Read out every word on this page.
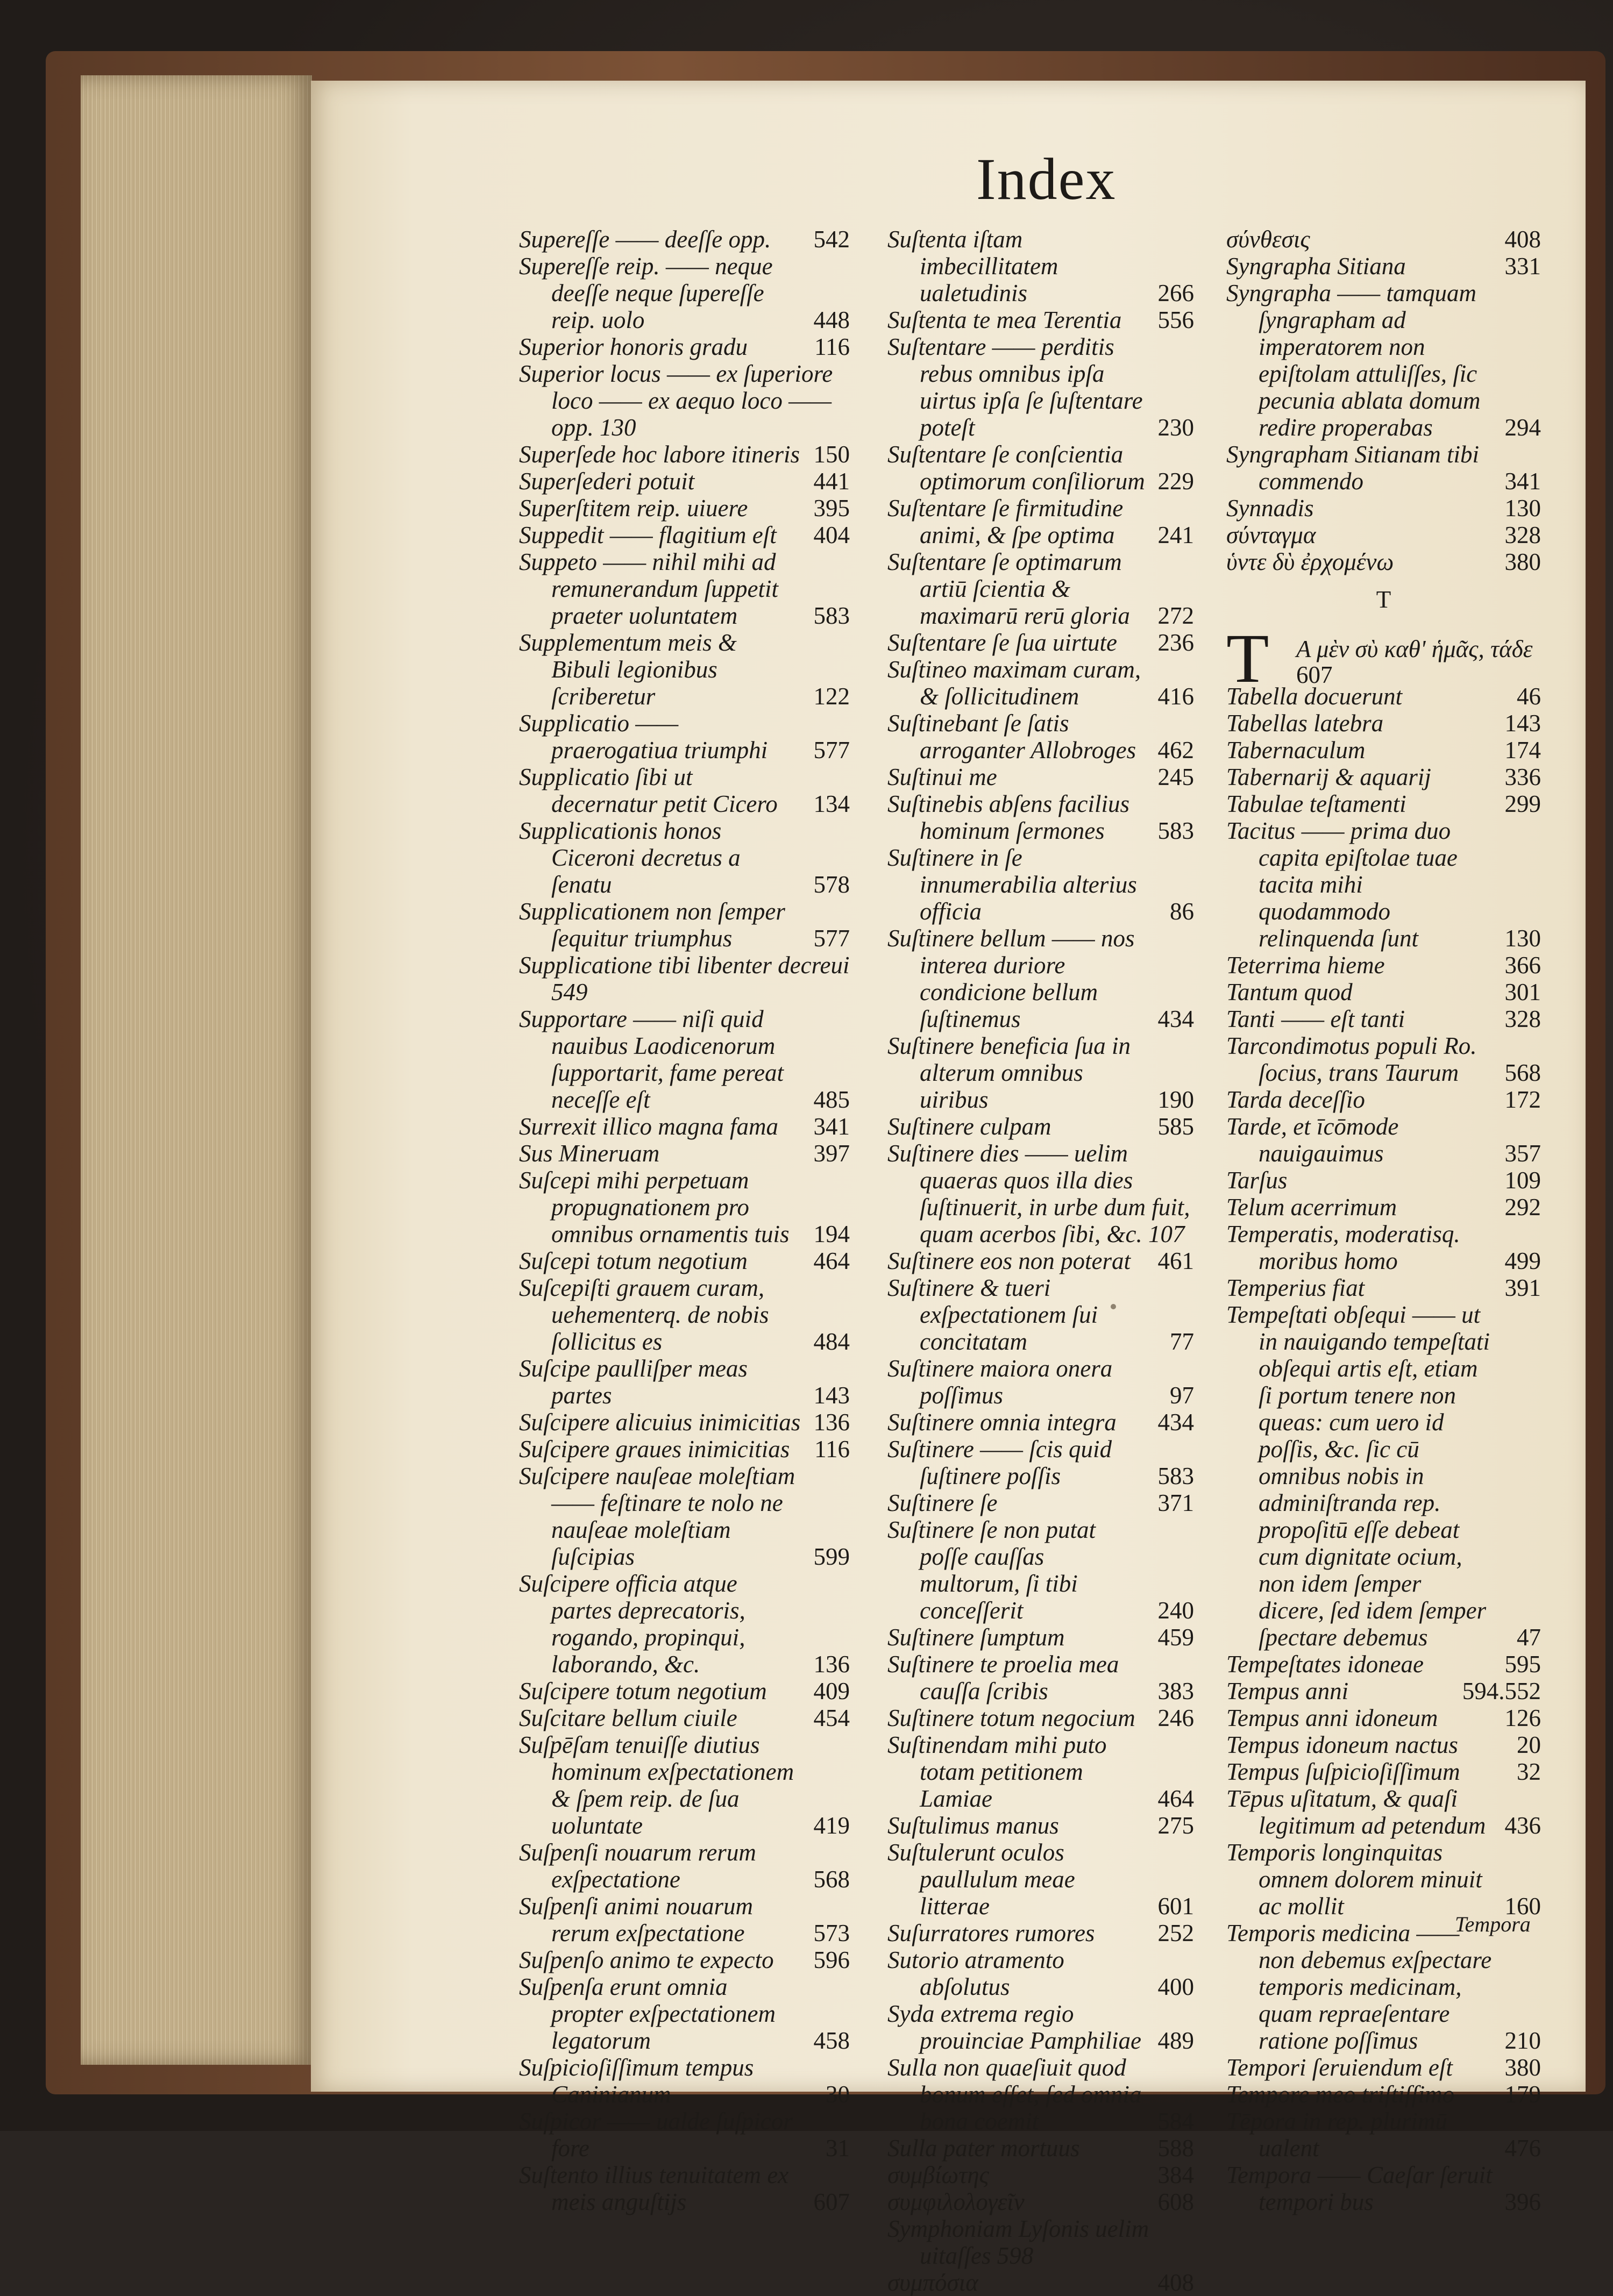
Index
Supereſſe —— deeſſe opp.	542
Supereſſe reip. —— neque deeſſe neque ſupereſſe reip. uolo	448
Superior honoris gradu	116
Superior locus —— ex ſuperiore loco —— ex aequo loco —— opp. 130
Superſede hoc labore itineris 150
Superſederi potuit	441
Superſtitem reip. uiuere	395
Suppedit —— flagitium eſt	404
Suppeto —— nihil mihi ad remunerandum ſuppetit praeter uoluntatem	583
Supplementum meis & Bibuli legionibus ſcriberetur	122
Supplicatio —— praerogatiua triumphi	577
Supplicatio ſibi ut decernatur petit Cicero	134
Supplicationis honos Ciceroni decretus a ſenatu	578
Supplicationem non ſemper ſequitur triumphus	577
Supplicatione tibi libenter decreui 549
Supportare —— niſi quid nauibus Laodicenorum ſupportarit, fame pereat neceſſe eſt	485
Surrexit illico magna fama	341
Sus Mineruam	397
Suſcepi mihi perpetuam propugnationem pro omnibus ornamentis tuis 194
Suſcepi totum negotium	464
Suſcepiſti grauem curam, uehementerq. de nobis ſollicitus es	484
Suſcipe paulliſper meas partes	143
Suſcipere alicuius inimicitias 136
Suſcipere graues inimicitias	116
Suſcipere nauſeae moleſtiam —— feſtinare te nolo ne nauſeae moleſtiam ſuſcipias	599
Suſcipere officia atque partes deprecatoris, rogando, propinqui, laborando, &c.	136
Suſcipere totum negotium	409
Suſcitare bellum ciuile	454
Suſpēſam tenuiſſe diutius hominum exſpectationem & ſpem reip. de ſua uoluntate	419
Suſpenſi nouarum rerum exſpectatione	568
Suſpenſi animi nouarum rerum exſpectatione	573
Suſpenſo animo te expecto	596
Suſpenſa erunt omnia propter exſpectationem legatorum	458
Suſpicioſiſſimum tempus Caninianum	30
Suſpicor —— ualde ſuſpicor fore	31
Suſtento illius tenuitatem ex meis anguſtijs	607
Suſtenta iſtam imbecillitatem ualetudinis	266
Suſtenta te mea Terentia	556
Suſtentare —— perditis rebus omnibus ipſa uirtus ipſa ſe ſuſtentare poteſt	230
Suſtentare ſe conſcientia optimorum conſiliorum 229
Suſtentare ſe firmitudine animi, & ſpe optima	241
Suſtentare ſe optimarum artiū ſcientia & maximarū rerū gloria	272
Suſtentare ſe ſua uirtute	236
Suſtineo maximam curam, & ſollicitudinem	416
Suſtinebant ſe ſatis arroganter Allobroges 462
Suſtinui me	245
Suſtinebis abſens facilius hominum ſermones	583
Suſtinere in ſe innumerabilia alterius officia	86
Suſtinere bellum —— nos interea duriore condicione bellum ſuſtinemus	434
Suſtinere beneficia ſua in alterum omnibus uiribus	190
Suſtinere culpam	585
Suſtinere dies —— uelim quaeras quos illa dies ſuſtinuerit, in urbe dum fuit, quam acerbos ſibi, &c. 107
Suſtinere eos non poterat	461
Suſtinere & tueri exſpectationem ſui concitatam	77
Suſtinere maiora onera poſſimus	97
Suſtinere omnia integra	434
Suſtinere —— ſcis quid ſuſtinere poſſis	583
Suſtinere ſe	371
Suſtinere ſe non putat poſſe cauſſas multorum, ſi tibi conceſſerit	240
Suſtinere ſumptum	459
Suſtinere te proelia mea cauſſa ſcribis	383
Suſtinere totum negocium 246
Suſtinendam mihi puto totam petitionem Lamiae	464
Suſtulimus manus	275
Suſtulerunt oculos paullulum meae litterae	601
Suſurratores rumores	252
Sutorio atramento abſolutus	400
Syda extrema regio prouinciae Pamphiliae 489
Sulla non quaeſiuit quod bonum eſſet, ſed omnia bona coemit	584
Sulla pater mortuus	588
συμβίωτης	384
συμφιλολογεῖν	608
Symphoniam Lyſonis uelim uitaſſes 598
συμπόσια	408
σύνθεσις	408
Syngrapha Sitiana	331
Syngrapha —— tamquam ſyngrapham ad imperatorem non epiſtolam attuliſſes, ſic pecunia ablata domum redire properabas	294
Syngrapham Sitianam tibi commendo	341
Synnadis	130
σύνταγμα	328
ὑντε δὺ ἐρχομένω	380
T
T A μὲν σὺ καθ' ἡμᾶς, τάδε
607
Tabella docuerunt	46
Tabellas latebra	143
Tabernaculum	174
Tabernarij & aquarij	336
Tabulae teſtamenti	299
Tacitus —— prima duo capita epiſtolae tuae tacita mihi quodammodo relinquenda ſunt	130
Teterrima hieme	366
Tantum quod	301
Tanti —— eſt tanti	328
Tarcondimotus populi Ro. ſocius, trans Taurum	568
Tarda deceſſio	172
Tarde, et īcōmode nauigauimus	357
Tarſus	109
Telum acerrimum	292
Temperatis, moderatisq. moribus homo	499
Temperius fiat	391
Tempeſtati obſequi —— ut in nauigando tempeſtati obſequi artis eſt, etiam ſi portum tenere non queas: cum uero id poſſis, &c. ſic cū omnibus nobis in adminiſtranda rep. propoſitū eſſe debeat cum dignitate ocium, non idem ſemper dicere, ſed idem ſemper ſpectare debemus	47
Tempeſtates idoneae	595
Tempus anni	594.552
Tempus anni idoneum	126
Tempus idoneum nactus	20
Tempus ſuſpicioſiſſimum	32
Tēpus uſitatum, & quaſi legitimum ad petendum 436
Temporis longinquitas omnem dolorem minuit ac mollit	160
Temporis medicina —— non debemus exſpectare temporis medicinam, quam repraeſentare ratione poſſimus	210
Tempori ſeruiendum eſt	380
Tempore meo triſtiſſimo	179
Tēpora in rep. plurimū ualent	476
Tempora —— Caeſar ſeruit tempori bus	396
Tempora
